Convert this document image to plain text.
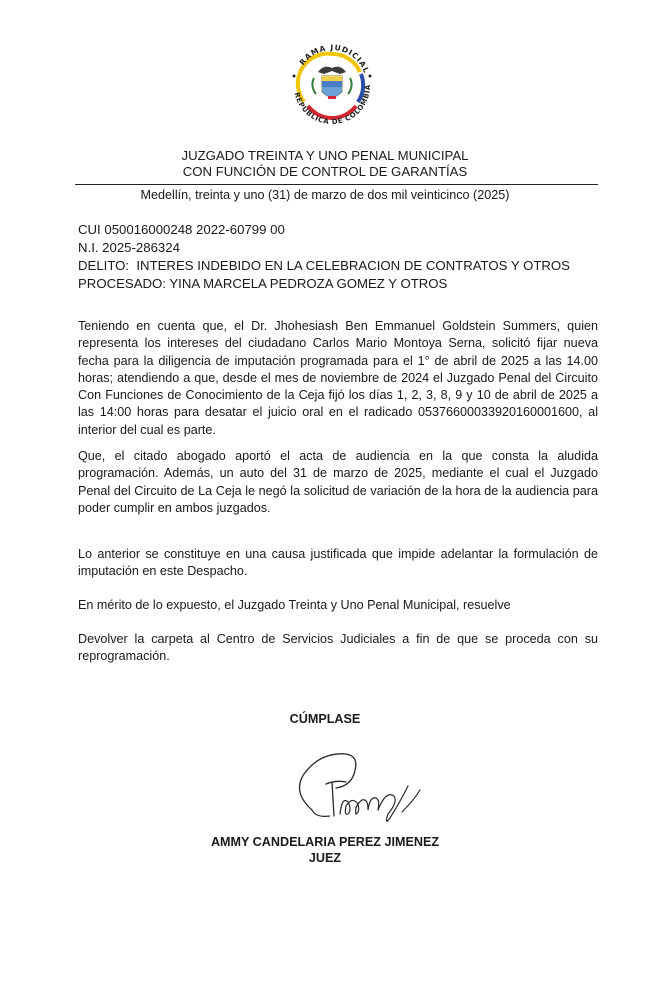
RAMA JUDICIAL
REPÚBLICA DE COLOMBIA
JUZGADO TREINTA Y UNO PENAL MUNICIPAL
CON FUNCIÓN DE CONTROL DE GARANTÍAS
Medellín, treinta y uno (31) de marzo de dos mil veinticinco (2025)
CUI 050016000248 2022-60799 00
N.I. 2025-286324
DELITO:  INTERES INDEBIDO EN LA CELEBRACION DE CONTRATOS Y OTROS
PROCESADO: YINA MARCELA PEDROZA GOMEZ Y OTROS
Teniendo en cuenta que, el Dr. Jhohesiash Ben Emmanuel Goldstein Summers, quien representa los intereses del ciudadano Carlos Mario Montoya Serna, solicitó fijar nueva fecha para la diligencia de imputación programada para el 1° de abril de 2025 a las 14.00 horas; atendiendo a que, desde el mes de noviembre de 2024 el Juzgado Penal del Circuito Con Funciones de Conocimiento de la Ceja fijó los días 1, 2, 3, 8, 9 y 10 de abril de 2025 a las 14:00 horas para desatar el juicio oral en el radicado 05376600033920160001600, al interior del cual es parte.
Que, el citado abogado aportó el acta de audiencia en la que consta la aludida programación. Además, un auto del 31 de marzo de 2025, mediante el cual el Juzgado Penal del Circuito de La Ceja le negó la solicitud de variación de la hora de la audiencia para poder cumplir en ambos juzgados.
Lo anterior se constituye en una causa justificada que impide adelantar la formulación de imputación en este Despacho.
En mérito de lo expuesto, el Juzgado Treinta y Uno Penal Municipal, resuelve
Devolver la carpeta al Centro de Servicios Judiciales a fin de que se proceda con su reprogramación.
CÚMPLASE
AMMY CANDELARIA PEREZ JIMENEZ
JUEZ
